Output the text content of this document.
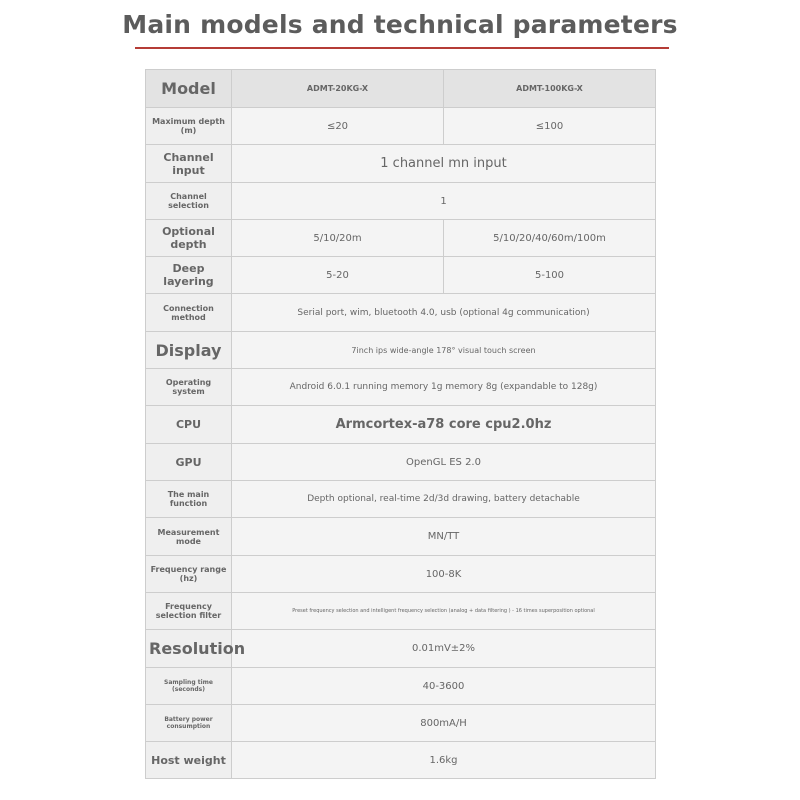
Main models and technical parameters
Model	ADMT-20KG-X	ADMT-100KG-X
Maximum depth (m)	≤20	≤100
Channel input	1 channel mn input	
Channel selection	1	
Optional depth	5/10/20m	5/10/20/40/60m/100m
Deep layering	5-20	5-100
Connection method	Serial port, wim, bluetooth 4.0, usb (optional 4g communication)	
Display	7inch ips wide-angle 178° visual touch screen	
Operating system	Android 6.0.1 running memory 1g memory 8g (expandable to 128g)	
CPU	Armcortex-a78 core cpu2.0hz	
GPU	OpenGL ES 2.0	
The main function	Depth optional, real-time 2d/3d drawing, battery detachable	
Measurement mode	MN/TT	
Frequency range (hz)	100-8K	
Frequency selection filter	Preset frequency selection and intelligent frequency selection (analog + data filtering ) - 16 times superposition optional	
Resolution	0.01mV±2%	
Sampling time (seconds)	40-3600	
Battery power consumption	800mA/H	
Host weight	1.6kg	
